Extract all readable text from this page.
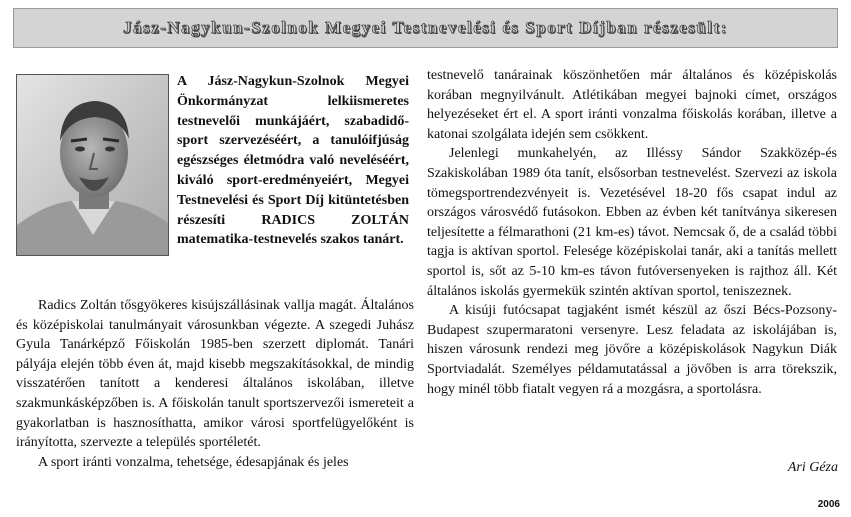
Jász-Nagykun-Szolnok Megyei Testnevelési és Sport Díjban részesült:

A Jász-Nagykun-Szolnok Megyei Önkormányzat lelkiismeretes testnevelői munkájáért, szabadidő-sport szervezéséért, a tanulóifjúság egészséges életmódra való neveléséért, kiváló sport-eredményeiért, Megyei Testnevelési és Sport Díj kitüntetésben részesíti RADICS ZOLTÁN matematika-testnevelés szakos tanárt.

Radics Zoltán tősgyökeres kisújszállásinak vallja magát. Általános és középiskolai tanulmányait városunkban végezte. A szegedi Juhász Gyula Tanárképző Főiskolán 1985-ben szerzett diplomát. Tanári pályája elején több éven át, majd kisebb megszakításokkal, de mindig visszatérően tanított a kenderesi általános iskolában, illetve szakmunkásképzőben is. A főiskolán tanult sportszervezői ismereteit a gyakorlatban is hasznosíthatta, amikor városi sportfelügyelőként is irányította, szervezte a település sportéletét.

A sport iránti vonzalma, tehetsége, édesapjának és jeles

testnevelő tanárainak köszönhetően már általános és középiskolás korában megnyilvánult. Atlétikában megyei bajnoki címet, országos helyezéseket ért el. A sport iránti vonzalma főiskolás korában, illetve a katonai szolgálata idején sem csökkent.

Jelenlegi munkahelyén, az Illéssy Sándor Szakközép-és Szakiskolában 1989 óta tanít, elsősorban testnevelést. Szervezi az iskola tömegsportrendezvényeit is. Vezetésével 18-20 fős csapat indul az országos városvédő futásokon. Ebben az évben két tanítványa sikeresen teljesítette a félmarathoni (21 km-es) távot. Nemcsak ő, de a család többi tagja is aktívan sportol. Felesége középiskolai tanár, aki a tanítás mellett sportol is, sőt az 5-10 km-es távon futóversenyeken is rajthoz áll. Két általános iskolás gyermekük szintén aktívan sportol, teniszeznek.

A kisúji futócsapat tagjaként ismét készül az őszi Bécs-Pozsony-Budapest szupermaratoni versenyre. Lesz feladata az iskolájában is, hiszen városunk rendezi meg jövőre a középiskolások Nagykun Diák Sportviadalát. Személyes példamutatással a jövőben is arra törekszik, hogy minél több fiatalt vegyen rá a mozgásra, a sportolásra.

Ari Géza
2006
